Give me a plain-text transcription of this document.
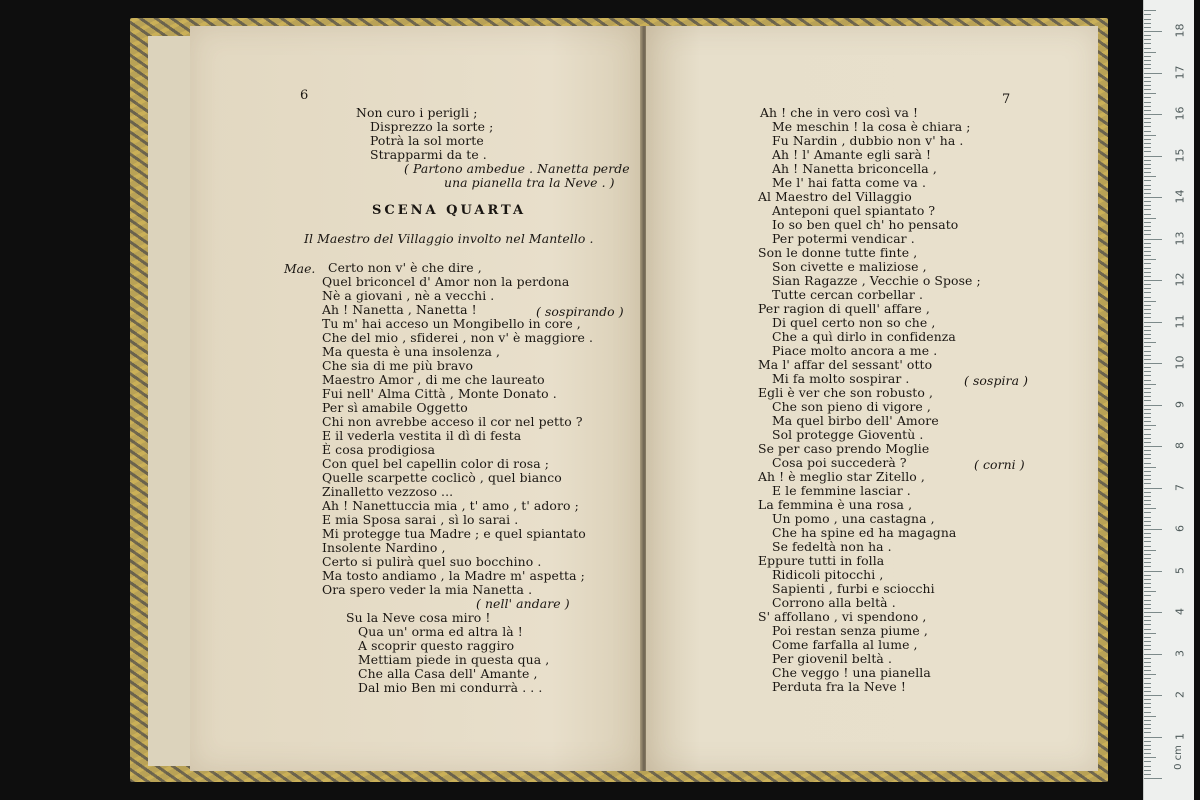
6
Non curo i perigli ;
Disprezzo la sorte ;
Potrà la sol morte
Strapparmi da te .
( Partono ambedue . Nanetta perde
una pianella tra la Neve . )
SCENA QUARTA
Il Maestro del Villaggio involto nel Mantello .
Mae. Certo non v' è che dire ,
Quel briconcel d' Amor non la perdona
Nè a giovani , nè a vecchi .
Ah ! Nanetta , Nanetta !	( sospirando )
Tu m' hai acceso un Mongibello in core ,
Che del mio , sfiderei , non v' è maggiore .
Ma questa è una insolenza ,
Che sia di me più bravo
Maestro Amor , di me che laureato
Fui nell' Alma Città , Monte Donato .
Per sì amabile Oggetto
Chi non avrebbe acceso il cor nel petto ?
E il vederla vestita il dì di festa
È cosa prodigiosa
Con quel bel capellin color di rosa ;
Quelle scarpette coclicò , quel bianco
Zinalletto vezzoso ...
Ah ! Nanettuccia mia , t' amo , t' adoro ;
E mia Sposa sarai , sì lo sarai .
Mi protegge tua Madre ; e quel spiantato
Insolente Nardino ,
Certo si pulirà quel suo bocchino .
Ma tosto andiamo , la Madre m' aspetta ;
Ora spero veder la mia Nanetta .
( nell' andare )
Su la Neve cosa miro !
Qua un' orma ed altra là !
A scoprir questo raggiro
Mettiam piede in questa qua ,
Che alla Casa dell' Amante ,
Dal mio Ben mi condurrà . . .
7
Ah ! che in vero così va !
Me meschin ! la cosa è chiara ;
Fu Nardin , dubbio non v' ha .
Ah ! l' Amante egli sarà !
Ah ! Nanetta briconcella ,
Me l' hai fatta come va .
Al Maestro del Villaggio
Anteponi quel spiantato ?
Io so ben quel ch' ho pensato
Per potermi vendicar .
Son le donne tutte finte ,
Son civette e maliziose ,
Sian Ragazze , Vecchie o Spose ;
Tutte cercan corbellar .
Per ragion di quell' affare ,
Di quel certo non so che ,
Che a quì dirlo in confidenza
Piace molto ancora a me .
Ma l' affar del sessant' otto
Mi fa molto sospirar .	( sospira )
Egli è ver che son robusto ,
Che son pieno di vigore ,
Ma quel birbo dell' Amore
Sol protegge Gioventù .
Se per caso prendo Moglie
Cosa poi succederà ?	( corni )
Ah ! è meglio star Zitello ,
E le femmine lasciar .
La femmina è una rosa ,
Un pomo , una castagna ,
Che ha spine ed ha magagna
Se fedeltà non ha .
Eppure tutti in folla
Ridicoli pitocchi ,
Sapienti , furbi e sciocchi
Corrono alla beltà .
S' affollano , vi spendono ,
Poi restan senza piume ,
Come farfalla al lume ,
Per giovenil beltà .
Che veggo ! una pianella
Perduta fra la Neve !
0 cm
1
2
3
4
5
6
7
8
9
10
11
12
13
14
15
16
17
18
